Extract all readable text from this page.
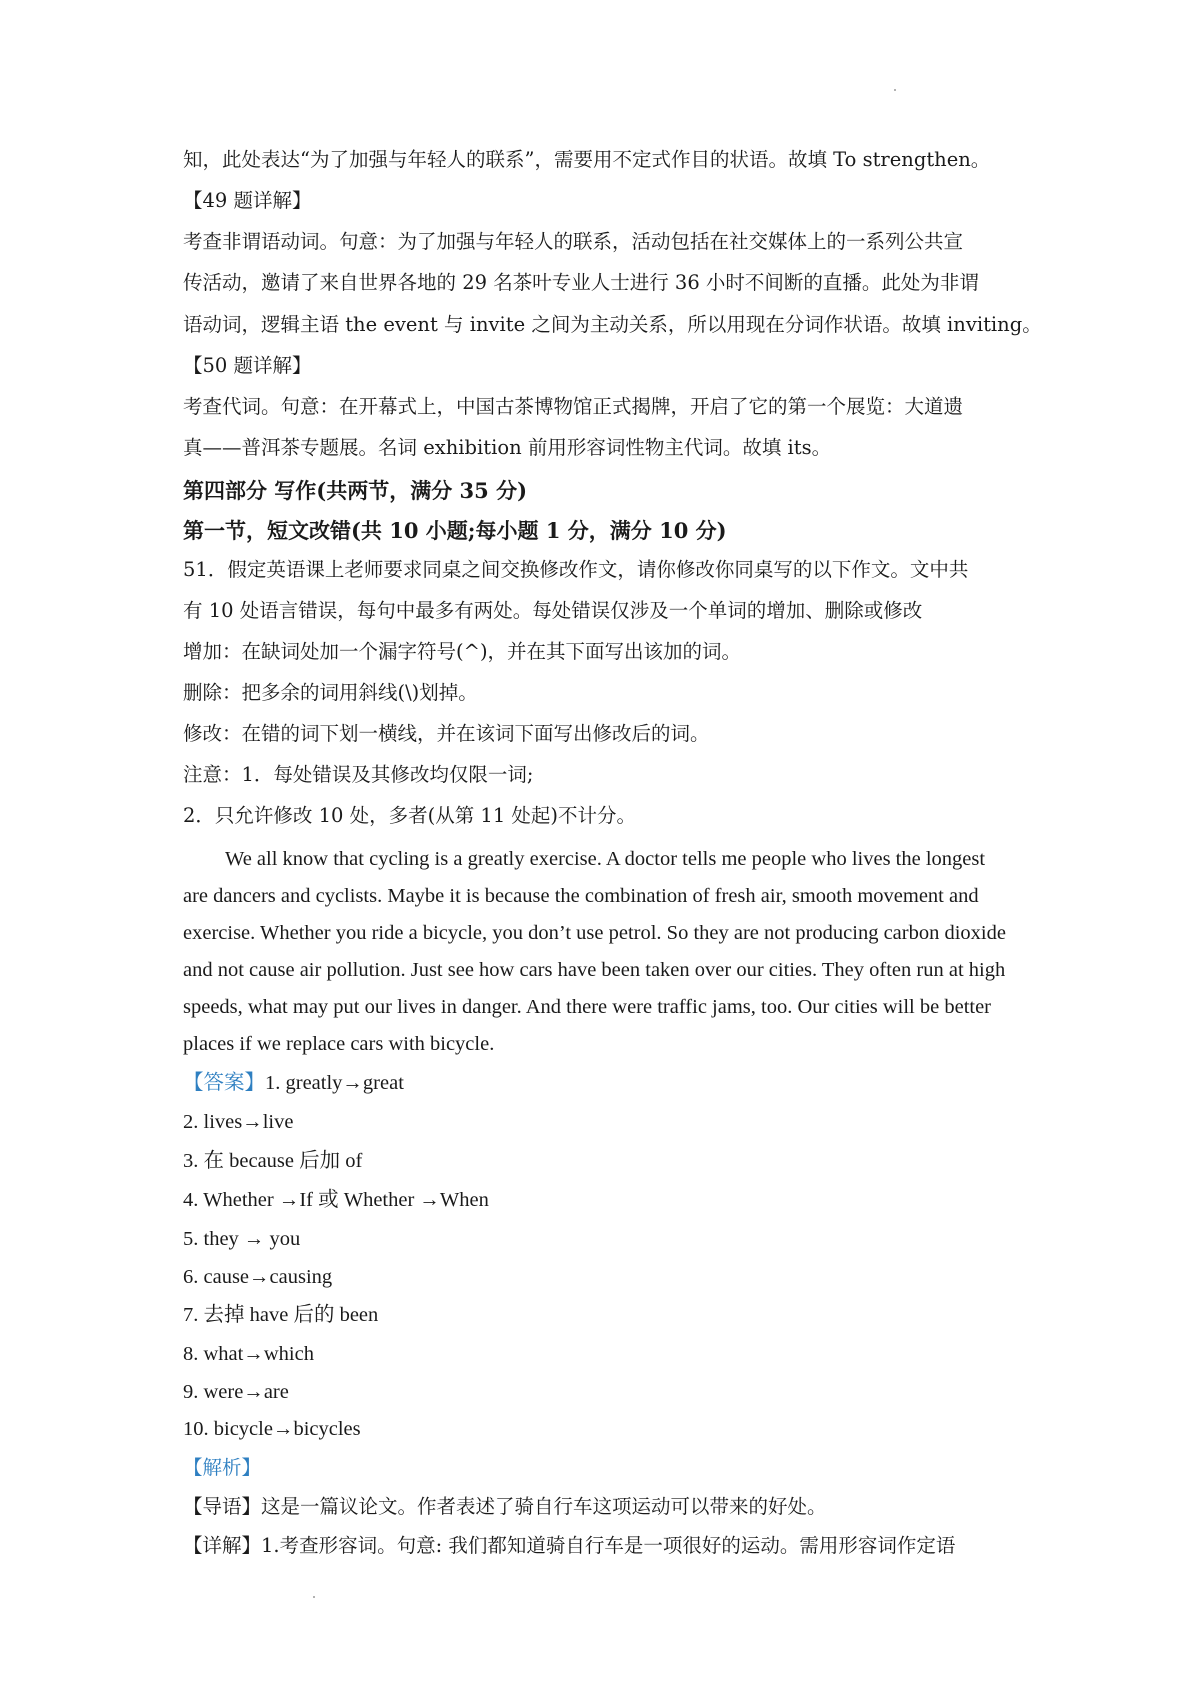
知，此处表达“为了加强与年轻人的联系”，需要用不定式作目的状语。故填 To strengthen。
【49 题详解】
考查非谓语动词。句意：为了加强与年轻人的联系，活动包括在社交媒体上的一系列公共宣
传活动，邀请了来自世界各地的 29 名茶叶专业人士进行 36 小时不间断的直播。此处为非谓
语动词，逻辑主语 the event 与 invite 之间为主动关系，所以用现在分词作状语。故填 inviting。
【50 题详解】
考查代词。句意：在开幕式上，中国古茶博物馆正式揭牌，开启了它的第一个展览：大道遗
真——普洱茶专题展。名词 exhibition 前用形容词性物主代词。故填 its。
第四部分 写作(共两节，满分 35 分)
第一节，短文改错(共 10 小题;每小题 1 分，满分 10 分)
51．假定英语课上老师要求同桌之间交换修改作文，请你修改你同桌写的以下作文。文中共
有 10 处语言错误，每句中最多有两处。每处错误仅涉及一个单词的增加、删除或修改
增加：在缺词处加一个漏字符号(^)，并在其下面写出该加的词。
删除：把多余的词用斜线(\)划掉。
修改：在错的词下划一横线，并在该词下面写出修改后的词。
注意：1．每处错误及其修改均仅限一词;
2．只允许修改 10 处，多者(从第 11 处起)不计分。
We all know that cycling is a greatly exercise. A doctor tells me people who lives the longest
are dancers and cyclists. Maybe it is because the combination of fresh air, smooth movement and
exercise. Whether you ride a bicycle, you don’t use petrol. So they are not producing carbon dioxide
and not cause air pollution. Just see how cars have been taken over our cities. They often run at high
speeds, what may put our lives in danger. And there were traffic jams, too. Our cities will be better
places if we replace cars with bicycle.
【答案】1. greatly→great
2. lives→live
3. 在 because 后加 of
4. Whether →If 或 Whether →When
5. they → you
6. cause→causing
7. 去掉 have 后的 been
8. what→which
9. were→are
10. bicycle→bicycles
【解析】
【导语】这是一篇议论文。作者表述了骑自行车这项运动可以带来的好处。
【详解】1.考查形容词。句意: 我们都知道骑自行车是一项很好的运动。需用形容词作定语
